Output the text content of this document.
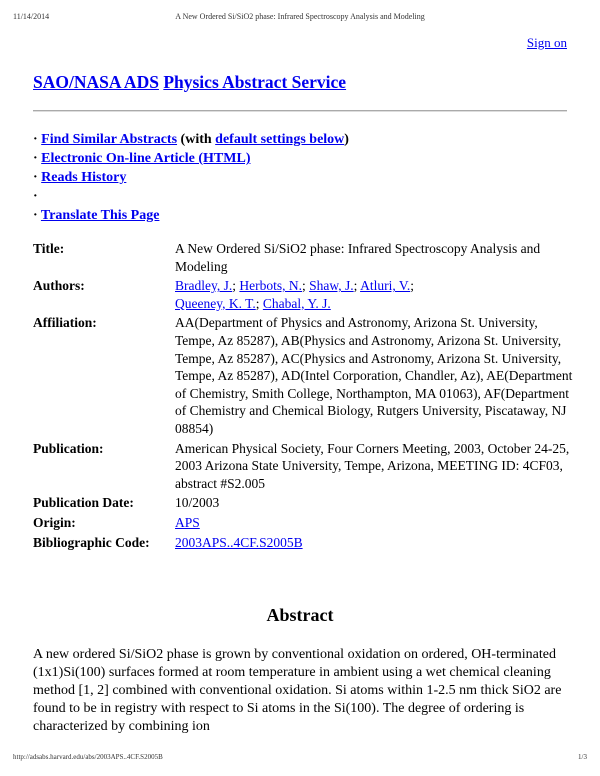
11/14/2014	A New Ordered Si/SiO2 phase: Infrared Spectroscopy Analysis and Modeling
Sign on
SAO/NASA ADS Physics Abstract Service
· Find Similar Abstracts (with default settings below)
· Electronic On-line Article (HTML)
· Reads History
·
· Translate This Page
Title:	A New Ordered Si/SiO2 phase: Infrared Spectroscopy Analysis and Modeling
Authors:	Bradley, J.; Herbots, N.; Shaw, J.; Atluri, V.;
Queeney, K. T.; Chabal, Y. J.
Affiliation:	AA(Department of Physics and Astronomy, Arizona St. University, Tempe, Az 85287), AB(Physics and Astronomy, Arizona St. University, Tempe, Az 85287), AC(Physics and Astronomy, Arizona St. University, Tempe, Az 85287), AD(Intel Corporation, Chandler, Az), AE(Department of Chemistry, Smith College, Northampton, MA 01063), AF(Department of Chemistry and Chemical Biology, Rutgers University, Piscataway, NJ 08854)
Publication:	American Physical Society, Four Corners Meeting, 2003, October 24-25, 2003 Arizona State University, Tempe, Arizona, MEETING ID: 4CF03, abstract #S2.005
Publication Date:	10/2003
Origin:	APS
Bibliographic Code:	2003APS..4CF.S2005B
Abstract
A new ordered Si/SiO2 phase is grown by conventional oxidation on ordered, OH-terminated (1x1)Si(100) surfaces formed at room temperature in ambient using a wet chemical cleaning method [1, 2] combined with conventional oxidation. Si atoms within 1-2.5 nm thick SiO2 are found to be in registry with respect to Si atoms in the Si(100). The degree of ordering is characterized by combining ion
http://adsabs.harvard.edu/abs/2003APS..4CF.S2005B	1/3
